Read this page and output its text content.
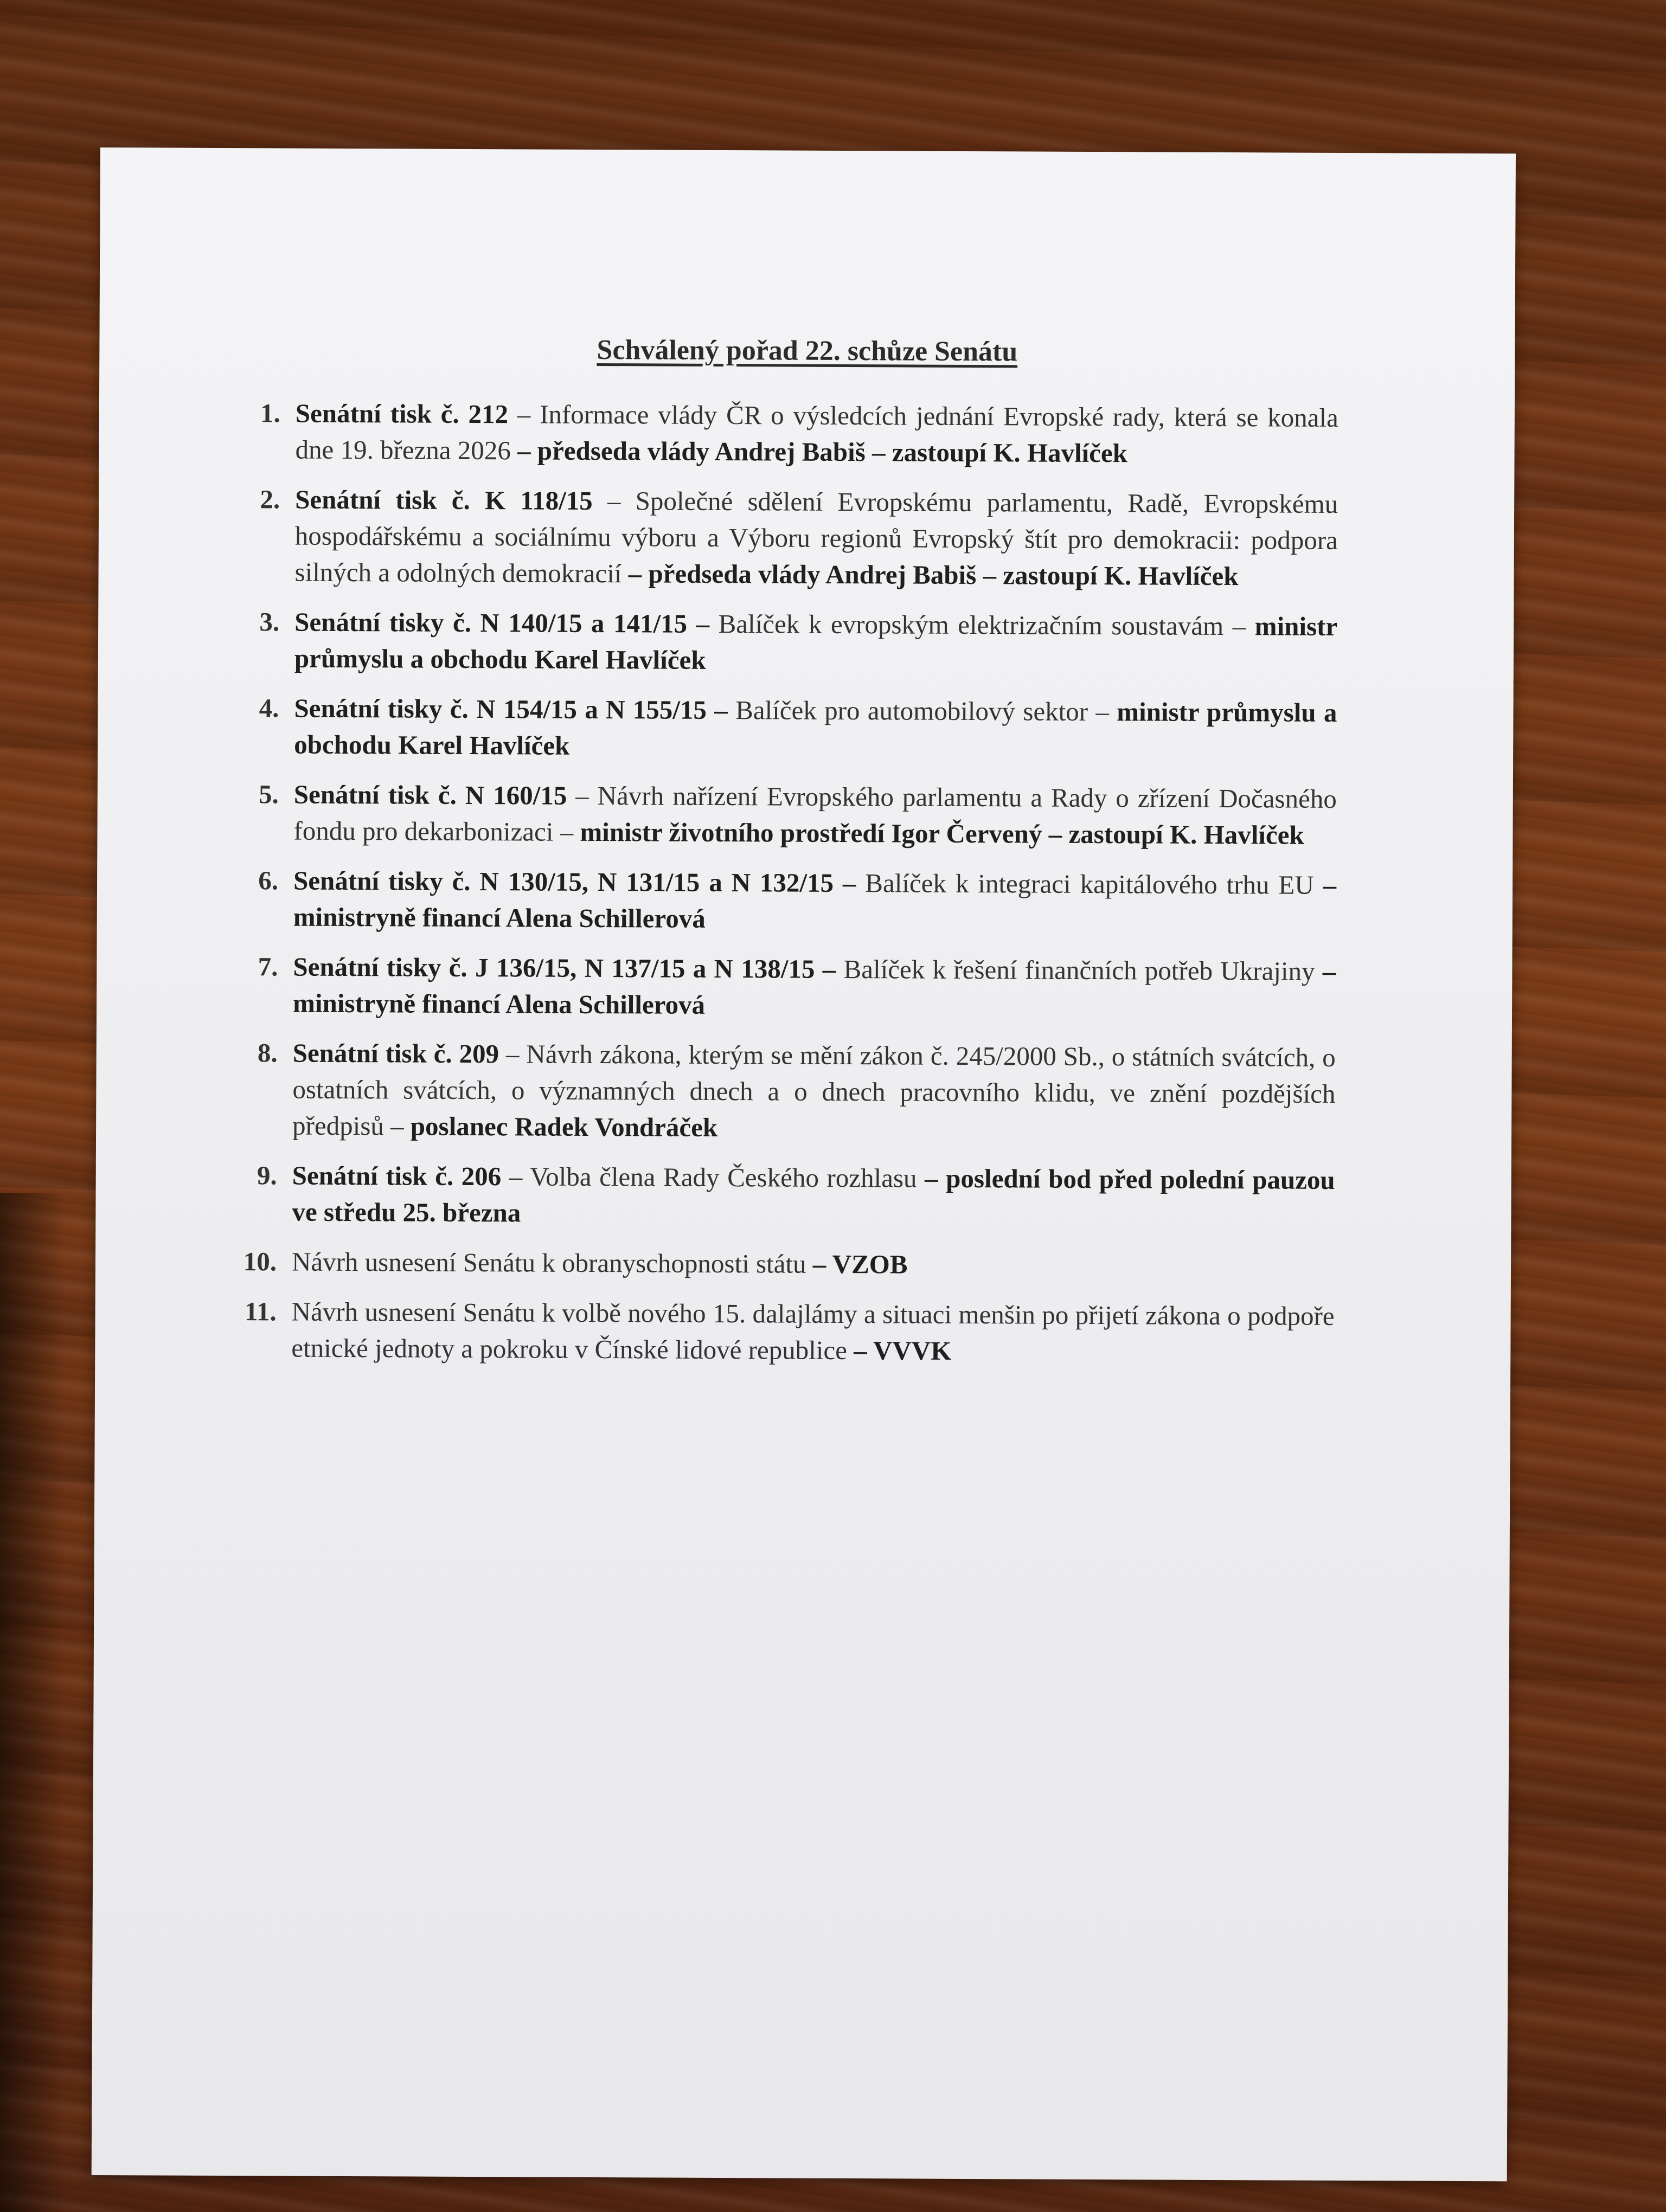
Schválený pořad 22. schůze Senátu
1. Senátní tisk č. 212 – Informace vlády ČR o výsledcích jednání Evropské rady, která se konala dne 19. března 2026 – předseda vlády Andrej Babiš – zastoupí K. Havlíček
2. Senátní tisk č. K 118/15 – Společné sdělení Evropskému parlamentu, Radě, Evropskému hospodářskému a sociálnímu výboru a Výboru regionů Evropský štít pro demokracii: podpora silných a odolných demokracií – předseda vlády Andrej Babiš – zastoupí K. Havlíček
3. Senátní tisky č. N 140/15 a 141/15 – Balíček k evropským elektrizačním soustavám – ministr průmyslu a obchodu Karel Havlíček
4. Senátní tisky č. N 154/15 a N 155/15 – Balíček pro automobilový sektor – ministr průmyslu a obchodu Karel Havlíček
5. Senátní tisk č. N 160/15 – Návrh nařízení Evropského parlamentu a Rady o zřízení Dočasného fondu pro dekarbonizaci – ministr životního prostředí Igor Červený – zastoupí K. Havlíček
6. Senátní tisky č. N 130/15, N 131/15 a N 132/15 – Balíček k integraci kapitálového trhu EU – ministryně financí Alena Schillerová
7. Senátní tisky č. J 136/15, N 137/15 a N 138/15 – Balíček k řešení finančních potřeb Ukrajiny – ministryně financí Alena Schillerová
8. Senátní tisk č. 209 – Návrh zákona, kterým se mění zákon č. 245/2000 Sb., o státních svátcích, o ostatních svátcích, o významných dnech a o dnech pracovního klidu, ve znění pozdějších předpisů – poslanec Radek Vondráček
9. Senátní tisk č. 206 – Volba člena Rady Českého rozhlasu – poslední bod před polední pauzou ve středu 25. března
10. Návrh usnesení Senátu k obranyschopnosti státu – VZOB
11. Návrh usnesení Senátu k volbě nového 15. dalajlámy a situaci menšin po přijetí zákona o podpoře etnické jednoty a pokroku v Čínské lidové republice – VVVK
